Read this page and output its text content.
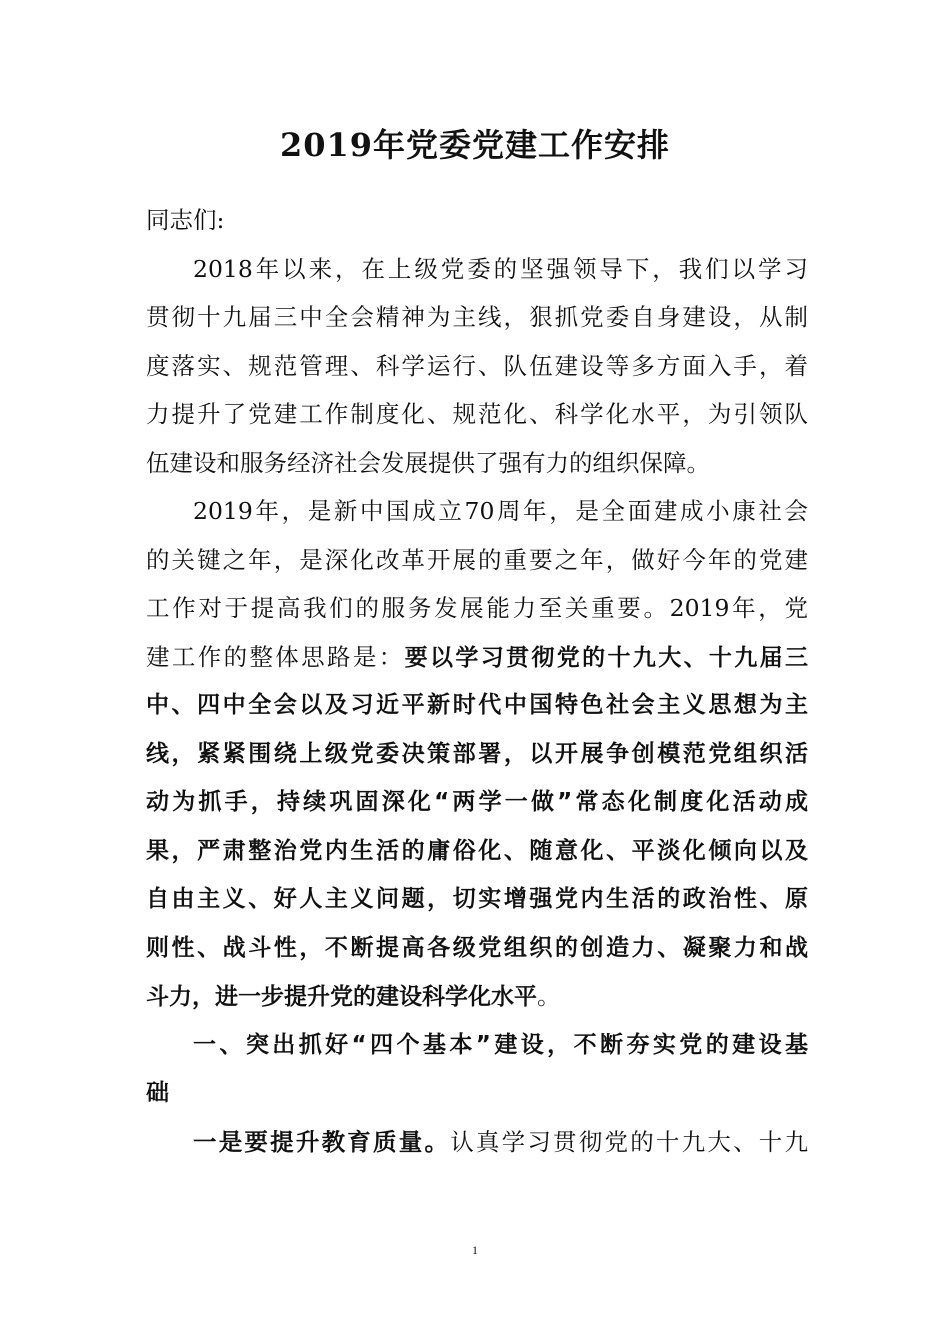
2019年党委党建工作安排
同志们:
2018年以来，在上级党委的坚强领导下，我们以学习
贯彻十九届三中全会精神为主线，狠抓党委自身建设，从制
度落实、规范管理、科学运行、队伍建设等多方面入手，着
力提升了党建工作制度化、规范化、科学化水平，为引领队
伍建设和服务经济社会发展提供了强有力的组织保障。
2019年，是新中国成立70周年，是全面建成小康社会
的关键之年，是深化改革开展的重要之年，做好今年的党建
工作对于提高我们的服务发展能力至关重要。2019年，党
建工作的整体思路是：要以学习贯彻党的十九大、十九届三
中、四中全会以及习近平新时代中国特色社会主义思想为主
线，紧紧围绕上级党委决策部署，以开展争创模范党组织活
动为抓手，持续巩固深化“两学一做”常态化制度化活动成
果，严肃整治党内生活的庸俗化、随意化、平淡化倾向以及
自由主义、好人主义问题，切实增强党内生活的政治性、原
则性、战斗性，不断提高各级党组织的创造力、凝聚力和战
斗力，进一步提升党的建设科学化水平。
一、突出抓好“四个基本”建设，不断夯实党的建设基
础
一是要提升教育质量。认真学习贯彻党的十九大、十九
1
